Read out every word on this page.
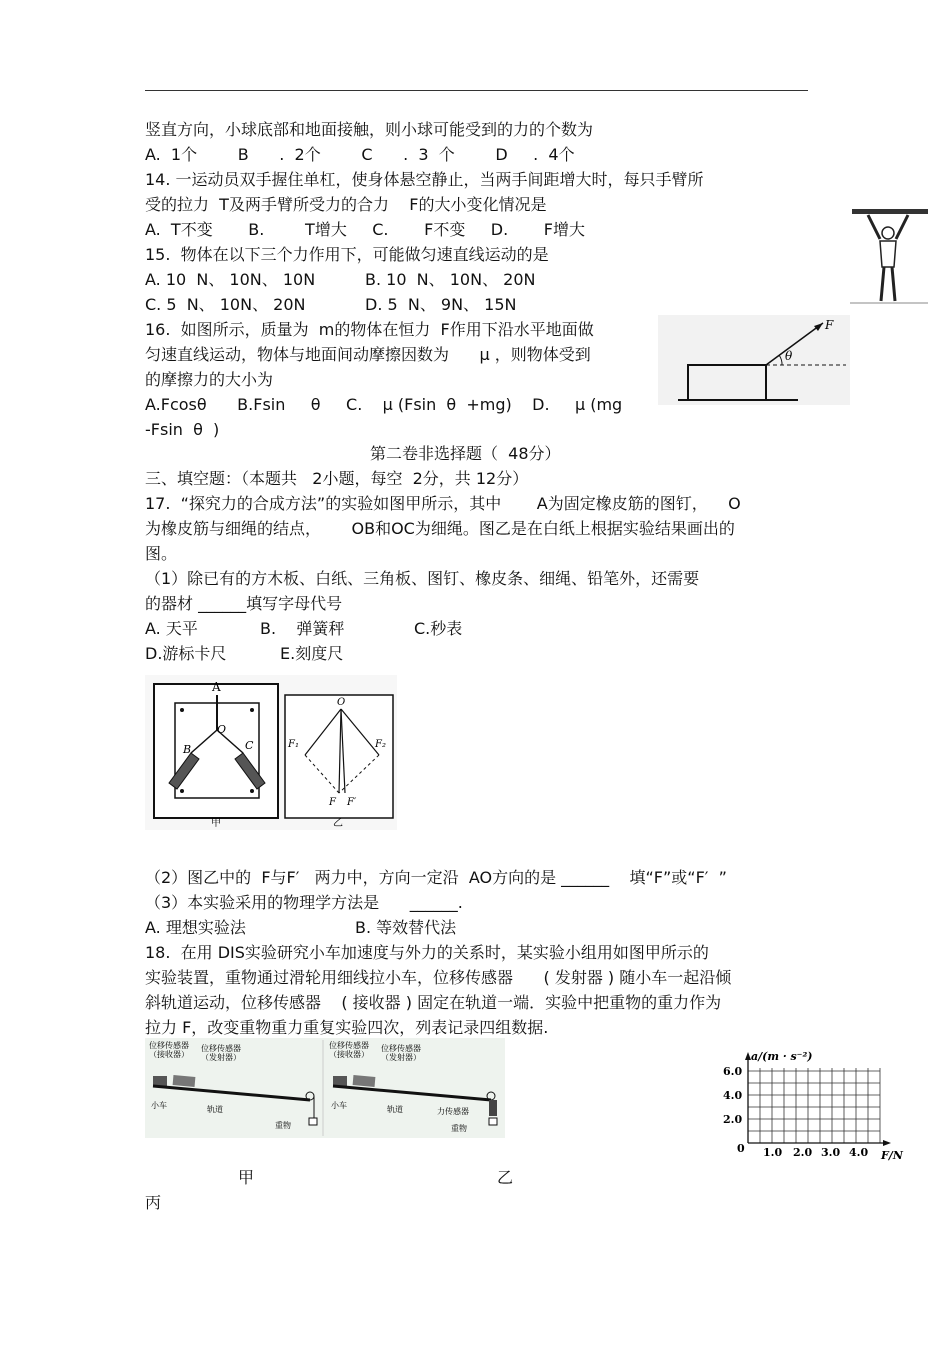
竖直方向，小球底部和地面接触，则小球可能受到的力的个数为
A.  1个        B      .  2个        C      .  3  个        D     .  4个
14. 一运动员双手握住单杠，使身体悬空静止，当两手间距增大时，每只手臂所
受的拉力  T及两手臂所受力的合力    F的大小变化情况是
A.  T不变       B.        T增大     C.       F不变     D.       F增大
15.  物体在以下三个力作用下，可能做匀速直线运动的是
A. 10  N、 10N、 10N	B. 10  N、 10N、 20N
C. 5  N、 10N、 20N	D. 5  N、 9N、 15N
16.  如图所示，质量为  m的物体在恒力  F作用下沿水平地面做
匀速直线运动，物体与地面间动摩擦因数为      μ ，则物体受到
的摩擦力的大小为
A.Fcosθ      B.Fsin     θ     C.    μ (Fsin  θ  +mg)    D.     μ (mg
-Fsin  θ  )
第二卷非选择题（  48分）
三、填空题：（本题共   2小题，每空  2分，共 12分）
17.  “探究力的合成方法”的实验如图甲所示，其中       A为固定橡皮筋的图钉，    O
为橡皮筋与细绳的结点，      OB和OC为细绳。图乙是在白纸上根据实验结果画出的
图。
（1）除已有的方木板、白纸、三角板、图钉、橡皮条、细绳、铅笔外，还需要
的器材 ______填写字母代号
A. 天平	B.    弹簧秤	C.秒表
D.游标卡尺	E.刻度尺
（2）图乙中的  F与F′   两力中，方向一定沿  AO方向的是 ______    填“F”或“F′  ”
（3）本实验采用的物理学方法是      ______.
A. 理想实验法	B. 等效替代法
18.  在用 DIS实验研究小车加速度与外力的关系时，某实验小组用如图甲所示的
实验装置，重物通过滑轮用细线拉小车，位移传感器      ( 发射器 ) 随小车一起沿倾
斜轨道运动，位移传感器    ( 接收器 ) 固定在轨道一端．实验中把重物的重力作为
拉力 F，改变重物重力重复实验四次，列表记录四组数据.
甲	乙
丙
F
θ
A
O
B	C
甲
O
F₁	F₂
F F′
乙
位移传感器
（接收器）
位移传感器
（发射器）
小车	轨道
重物
位移传感器
（接收器）
位移传感器
（发射器）
小车	轨道	力传感器
重物
a/(m · s⁻²)
F/N
6.0
4.0
2.0
0 1.0 2.0 3.0 4.0
